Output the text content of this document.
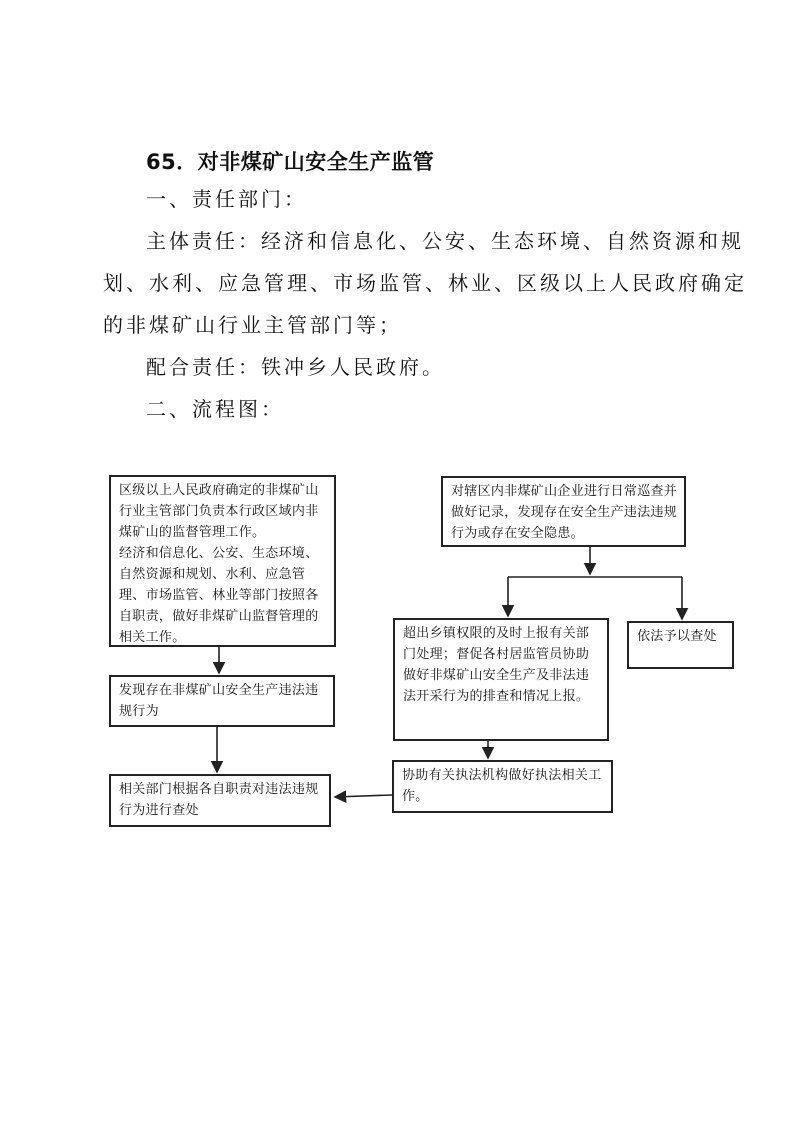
65．对非煤矿山安全生产监管
一、责任部门：
主体责任：经济和信息化、公安、生态环境、自然资源和规
划、水利、应急管理、市场监管、林业、区级以上人民政府确定
的非煤矿山行业主管部门等；
配合责任：铁冲乡人民政府。
二、流程图：

区级以上人民政府确定的非煤矿山行业主管部门负责本行政区域内非煤矿山的监督管理工作。

经济和信息化、公安、生态环境、自然资源和规划、水利、应急管理、市场监管、林业等部门按照各自职责，做好非煤矿山监督管理的相关工作。

发现存在非煤矿山安全生产违法违规行为

相关部门根据各自职责对违法违规行为进行查处

对辖区内非煤矿山企业进行日常巡查并做好记录，发现存在安全生产违法违规行为或存在安全隐患。

超出乡镇权限的及时上报有关部门处理；督促各村居监管员协助做好非煤矿山安全生产及非法违法开采行为的排查和情况上报。

依法予以查处

协助有关执法机构做好执法相关工作。
